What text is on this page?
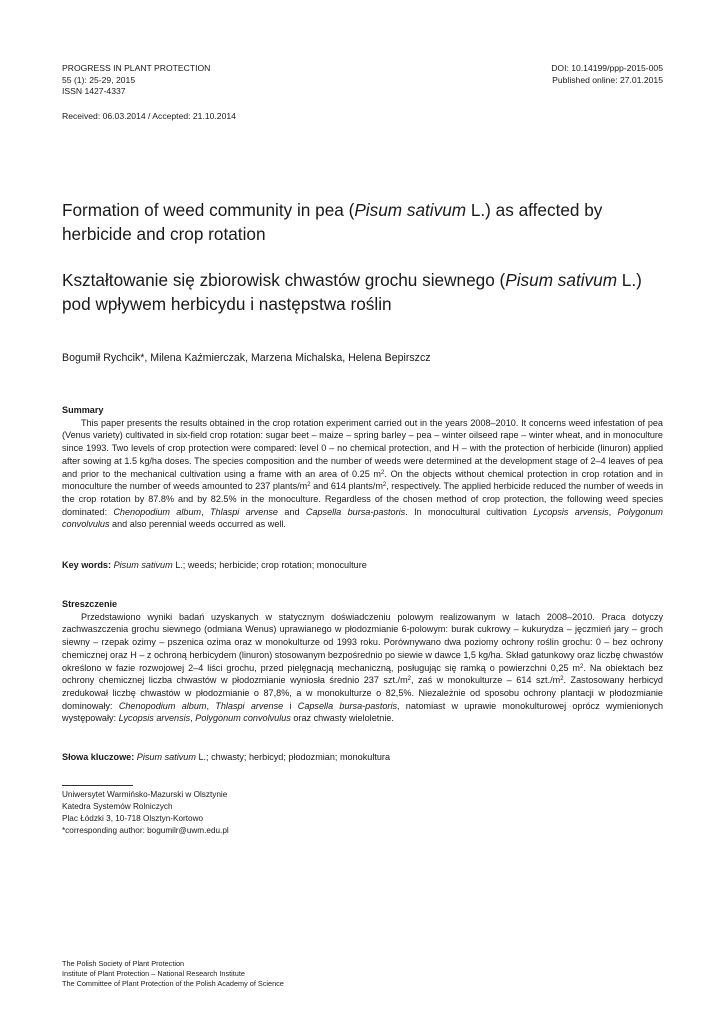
PROGRESS IN PLANT PROTECTION
55 (1): 25-29, 2015
ISSN 1427-4337
DOI: 10.14199/ppp-2015-005
Published online: 27.01.2015
Received: 06.03.2014 / Accepted: 21.10.2014
Formation of weed community in pea (Pisum sativum L.) as affected by herbicide and crop rotation
Kształtowanie się zbiorowisk chwastów grochu siewnego (Pisum sativum L.) pod wpływem herbicydu i następstwa roślin
Bogumił Rychcik*, Milena Kaźmierczak, Marzena Michalska, Helena Bepirszcz
Summary

This paper presents the results obtained in the crop rotation experiment carried out in the years 2008–2010. It concerns weed infestation of pea (Venus variety) cultivated in six-field crop rotation: sugar beet – maize – spring barley – pea – winter oilseed rape – winter wheat, and in monoculture since 1993. Two levels of crop protection were compared: level 0 – no chemical protection, and H – with the protection of herbicide (linuron) applied after sowing at 1.5 kg/ha doses. The species composition and the number of weeds were determined at the development stage of 2–4 leaves of pea and prior to the mechanical cultivation using a frame with an area of 0.25 $m^2$. On the objects without chemical protection in crop rotation and in monoculture the number of weeds amounted to 237 plants/$m^2$ and 614 plants/$m^2$, respectively. The applied herbicide reduced the number of weeds in the crop rotation by 87.8% and by 82.5% in the monoculture. Regardless of the chosen method of crop protection, the following weed species dominated: Chenopodium album, Thlaspi arvense and Capsella bursa-pastoris. In monocultural cultivation Lycopsis arvensis, Polygonum convolvulus and also perennial weeds occurred as well.

Key words: Pisum sativum L.; weeds; herbicide; crop rotation; monoculture
Streszczenie

Przedstawiono wyniki badań uzyskanych w statycznym doświadczeniu polowym realizowanym w latach 2008–2010. Praca dotyczy zachwaszczenia grochu siewnego (odmiana Wenus) uprawianego w płodozmianie 6-polowym: burak cukrowy – kukurydza – jęczmień jary – groch siewny – rzepak ozimy – pszenica ozima oraz w monokulturze od 1993 roku. Porównywano dwa poziomy ochrony roślin grochu: 0 – bez ochrony chemicznej oraz H – z ochroną herbicydem (linuron) stosowanym bezpośrednio po siewie w dawce 1,5 kg/ha. Skład gatunkowy oraz liczbę chwastów określono w fazie rozwojowej 2–4 liści grochu, przed pielęgnacją mechaniczną, posługując się ramką o powierzchni 0,25 $m^2$. Na obiektach bez ochrony chemicznej liczba chwastów w płodozmianie wyniosła średnio 237 $szt./m^2$, zaś w monokulturze – 614 $szt./m^2$. Zastosowany herbicyd zredukował liczbę chwastów w płodozmianie o 87,8%, a w monokulturze o 82,5%. Niezależnie od sposobu ochrony plantacji w płodozmianie dominowały: Chenopodium album, Thlaspi arvense i Capsella bursa-pastoris, natomiast w uprawie monokulturowej oprócz wymienionych występowały: Lycopsis arvensis, Polygonum convolvulus oraz chwasty wieloletnie.

Słowa kluczowe: Pisum sativum L.; chwasty; herbicyd; płodozmian; monokultura
Uniwersytet Warmińsko-Mazurski w Olsztynie
Katedra Systemów Rolniczych
Plac Łódzki 3, 10-718 Olsztyn-Kortowo
*corresponding author: bogumilr@uwm.edu.pl
The Polish Society of Plant Protection
Institute of Plant Protection – National Research Institute
The Committee of Plant Protection of the Polish Academy of Science
